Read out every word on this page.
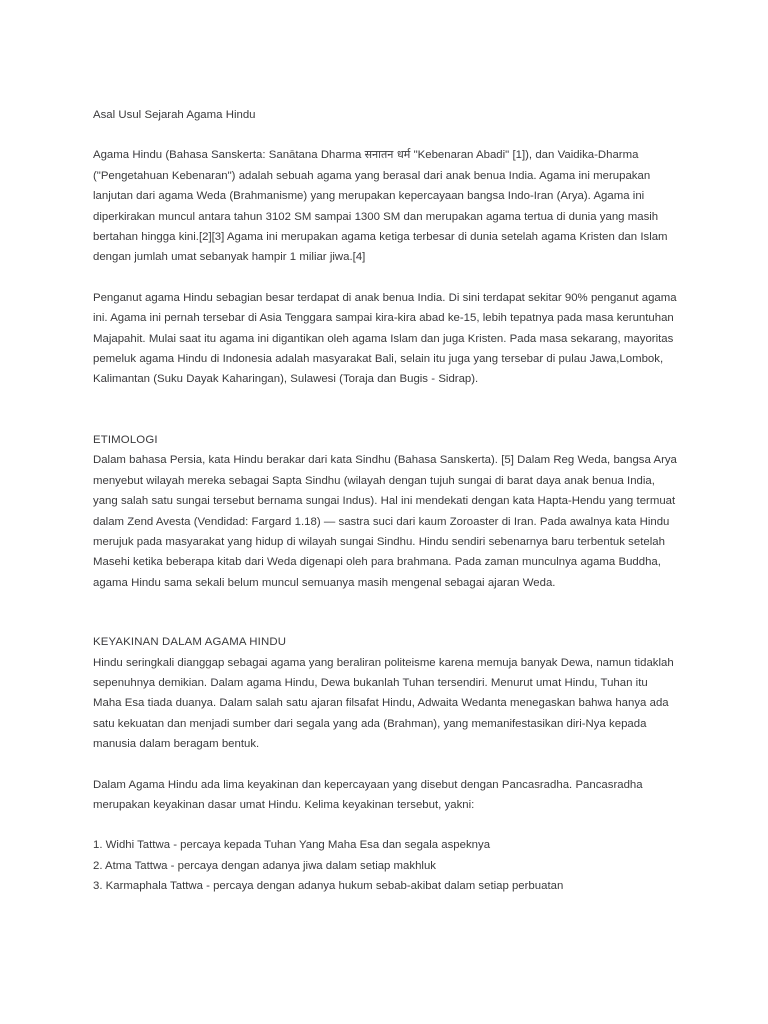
Asal Usul Sejarah Agama Hindu

Agama Hindu (Bahasa Sanskerta: Sanātana Dharma सनातन धर्म "Kebenaran Abadi" [1]), dan Vaidika-Dharma ("Pengetahuan Kebenaran") adalah sebuah agama yang berasal dari anak benua India. Agama ini merupakan lanjutan dari agama Weda (Brahmanisme) yang merupakan kepercayaan bangsa Indo-Iran (Arya). Agama ini diperkirakan muncul antara tahun 3102 SM sampai 1300 SM dan merupakan agama tertua di dunia yang masih bertahan hingga kini.[2][3] Agama ini merupakan agama ketiga terbesar di dunia setelah agama Kristen dan Islam dengan jumlah umat sebanyak hampir 1 miliar jiwa.[4]

Penganut agama Hindu sebagian besar terdapat di anak benua India. Di sini terdapat sekitar 90% penganut agama ini. Agama ini pernah tersebar di Asia Tenggara sampai kira-kira abad ke-15, lebih tepatnya pada masa keruntuhan Majapahit. Mulai saat itu agama ini digantikan oleh agama Islam dan juga Kristen. Pada masa sekarang, mayoritas pemeluk agama Hindu di Indonesia adalah masyarakat Bali, selain itu juga yang tersebar di pulau Jawa,Lombok, Kalimantan (Suku Dayak Kaharingan), Sulawesi (Toraja dan Bugis - Sidrap).

ETIMOLOGI

Dalam bahasa Persia, kata Hindu berakar dari kata Sindhu (Bahasa Sanskerta). [5] Dalam Reg Weda, bangsa Arya menyebut wilayah mereka sebagai Sapta Sindhu (wilayah dengan tujuh sungai di barat daya anak benua India, yang salah satu sungai tersebut bernama sungai Indus). Hal ini mendekati dengan kata Hapta-Hendu yang termuat dalam Zend Avesta (Vendidad: Fargard 1.18) — sastra suci dari kaum Zoroaster di Iran. Pada awalnya kata Hindu merujuk pada masyarakat yang hidup di wilayah sungai Sindhu. Hindu sendiri sebenarnya baru terbentuk setelah Masehi ketika beberapa kitab dari Weda digenapi oleh para brahmana. Pada zaman munculnya agama Buddha, agama Hindu sama sekali belum muncul semuanya masih mengenal sebagai ajaran Weda.

KEYAKINAN DALAM AGAMA HINDU

Hindu seringkali dianggap sebagai agama yang beraliran politeisme karena memuja banyak Dewa, namun tidaklah sepenuhnya demikian. Dalam agama Hindu, Dewa bukanlah Tuhan tersendiri. Menurut umat Hindu, Tuhan itu Maha Esa tiada duanya. Dalam salah satu ajaran filsafat Hindu, Adwaita Wedanta menegaskan bahwa hanya ada satu kekuatan dan menjadi sumber dari segala yang ada (Brahman), yang memanifestasikan diri-Nya kepada manusia dalam beragam bentuk.

Dalam Agama Hindu ada lima keyakinan dan kepercayaan yang disebut dengan Pancasradha. Pancasradha merupakan keyakinan dasar umat Hindu. Kelima keyakinan tersebut, yakni:

1. Widhi Tattwa - percaya kepada Tuhan Yang Maha Esa dan segala aspeknya

2. Atma Tattwa - percaya dengan adanya jiwa dalam setiap makhluk

3. Karmaphala Tattwa - percaya dengan adanya hukum sebab-akibat dalam setiap perbuatan
